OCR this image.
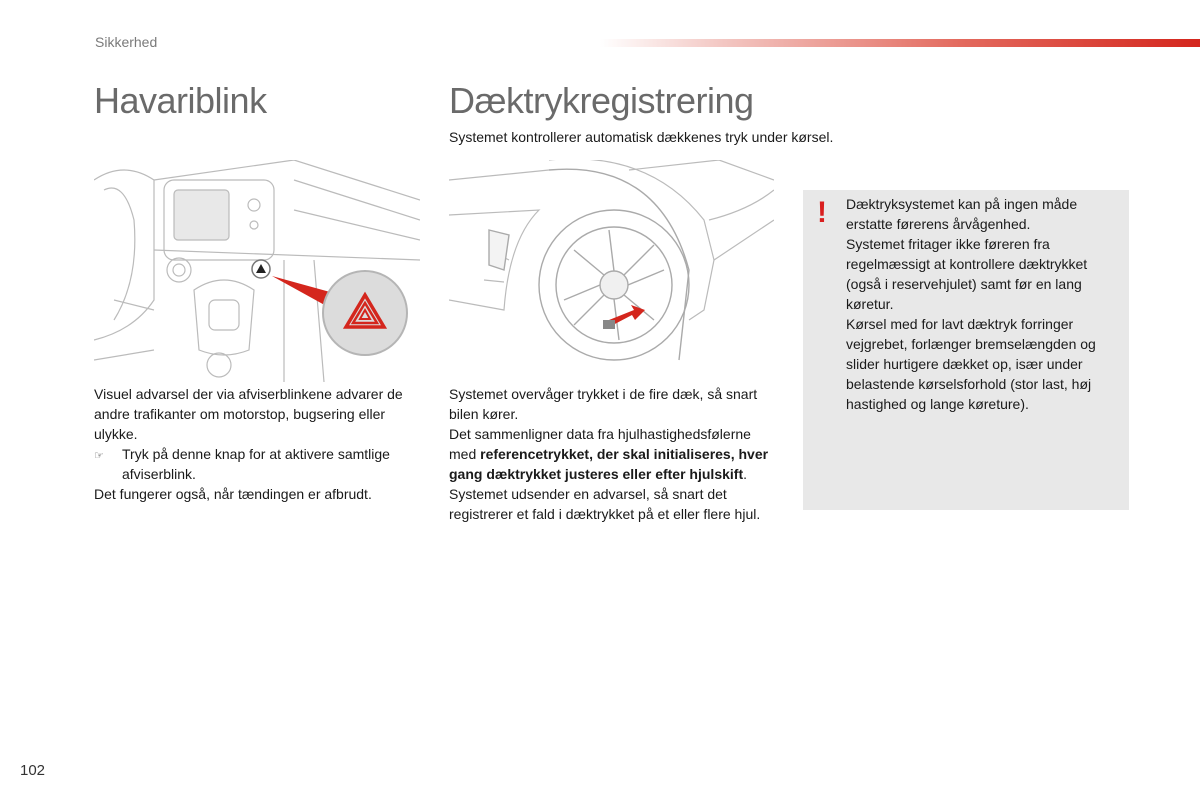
Sikkerhed
Havariblink	Dæktrykregistrering

Systemet kontrollerer automatisk dækkenes tryk under kørsel.

Visuel advarsel der via afviserblinkene advarer de andre trafikanter om motorstop, bugsering eller ulykke.

☞	Tryk på denne knap for at aktivere samtlige afviserblink.

Det fungerer også, når tændingen er afbrudt.

Systemet overvåger trykket i de fire dæk, så snart bilen kører.

Det sammenligner data fra hjulhastighedsfølerne med referencetrykket, der skal initialiseres, hver gang dæktrykket justeres eller efter hjulskift.

Systemet udsender en advarsel, så snart det registrerer et fald i dæktrykket på et eller flere hjul.

! Dæktryksystemet kan på ingen måde erstatte førerens årvågenhed.

Systemet fritager ikke føreren fra regelmæssigt at kontrollere dæktrykket (også i reservehjulet) samt før en lang køretur.

Kørsel med for lavt dæktryk forringer vejgrebet, forlænger bremselængden og slider hurtigere dækket op, især under belastende kørselsforhold (stor last, høj hastighed og lange køreture).

102
